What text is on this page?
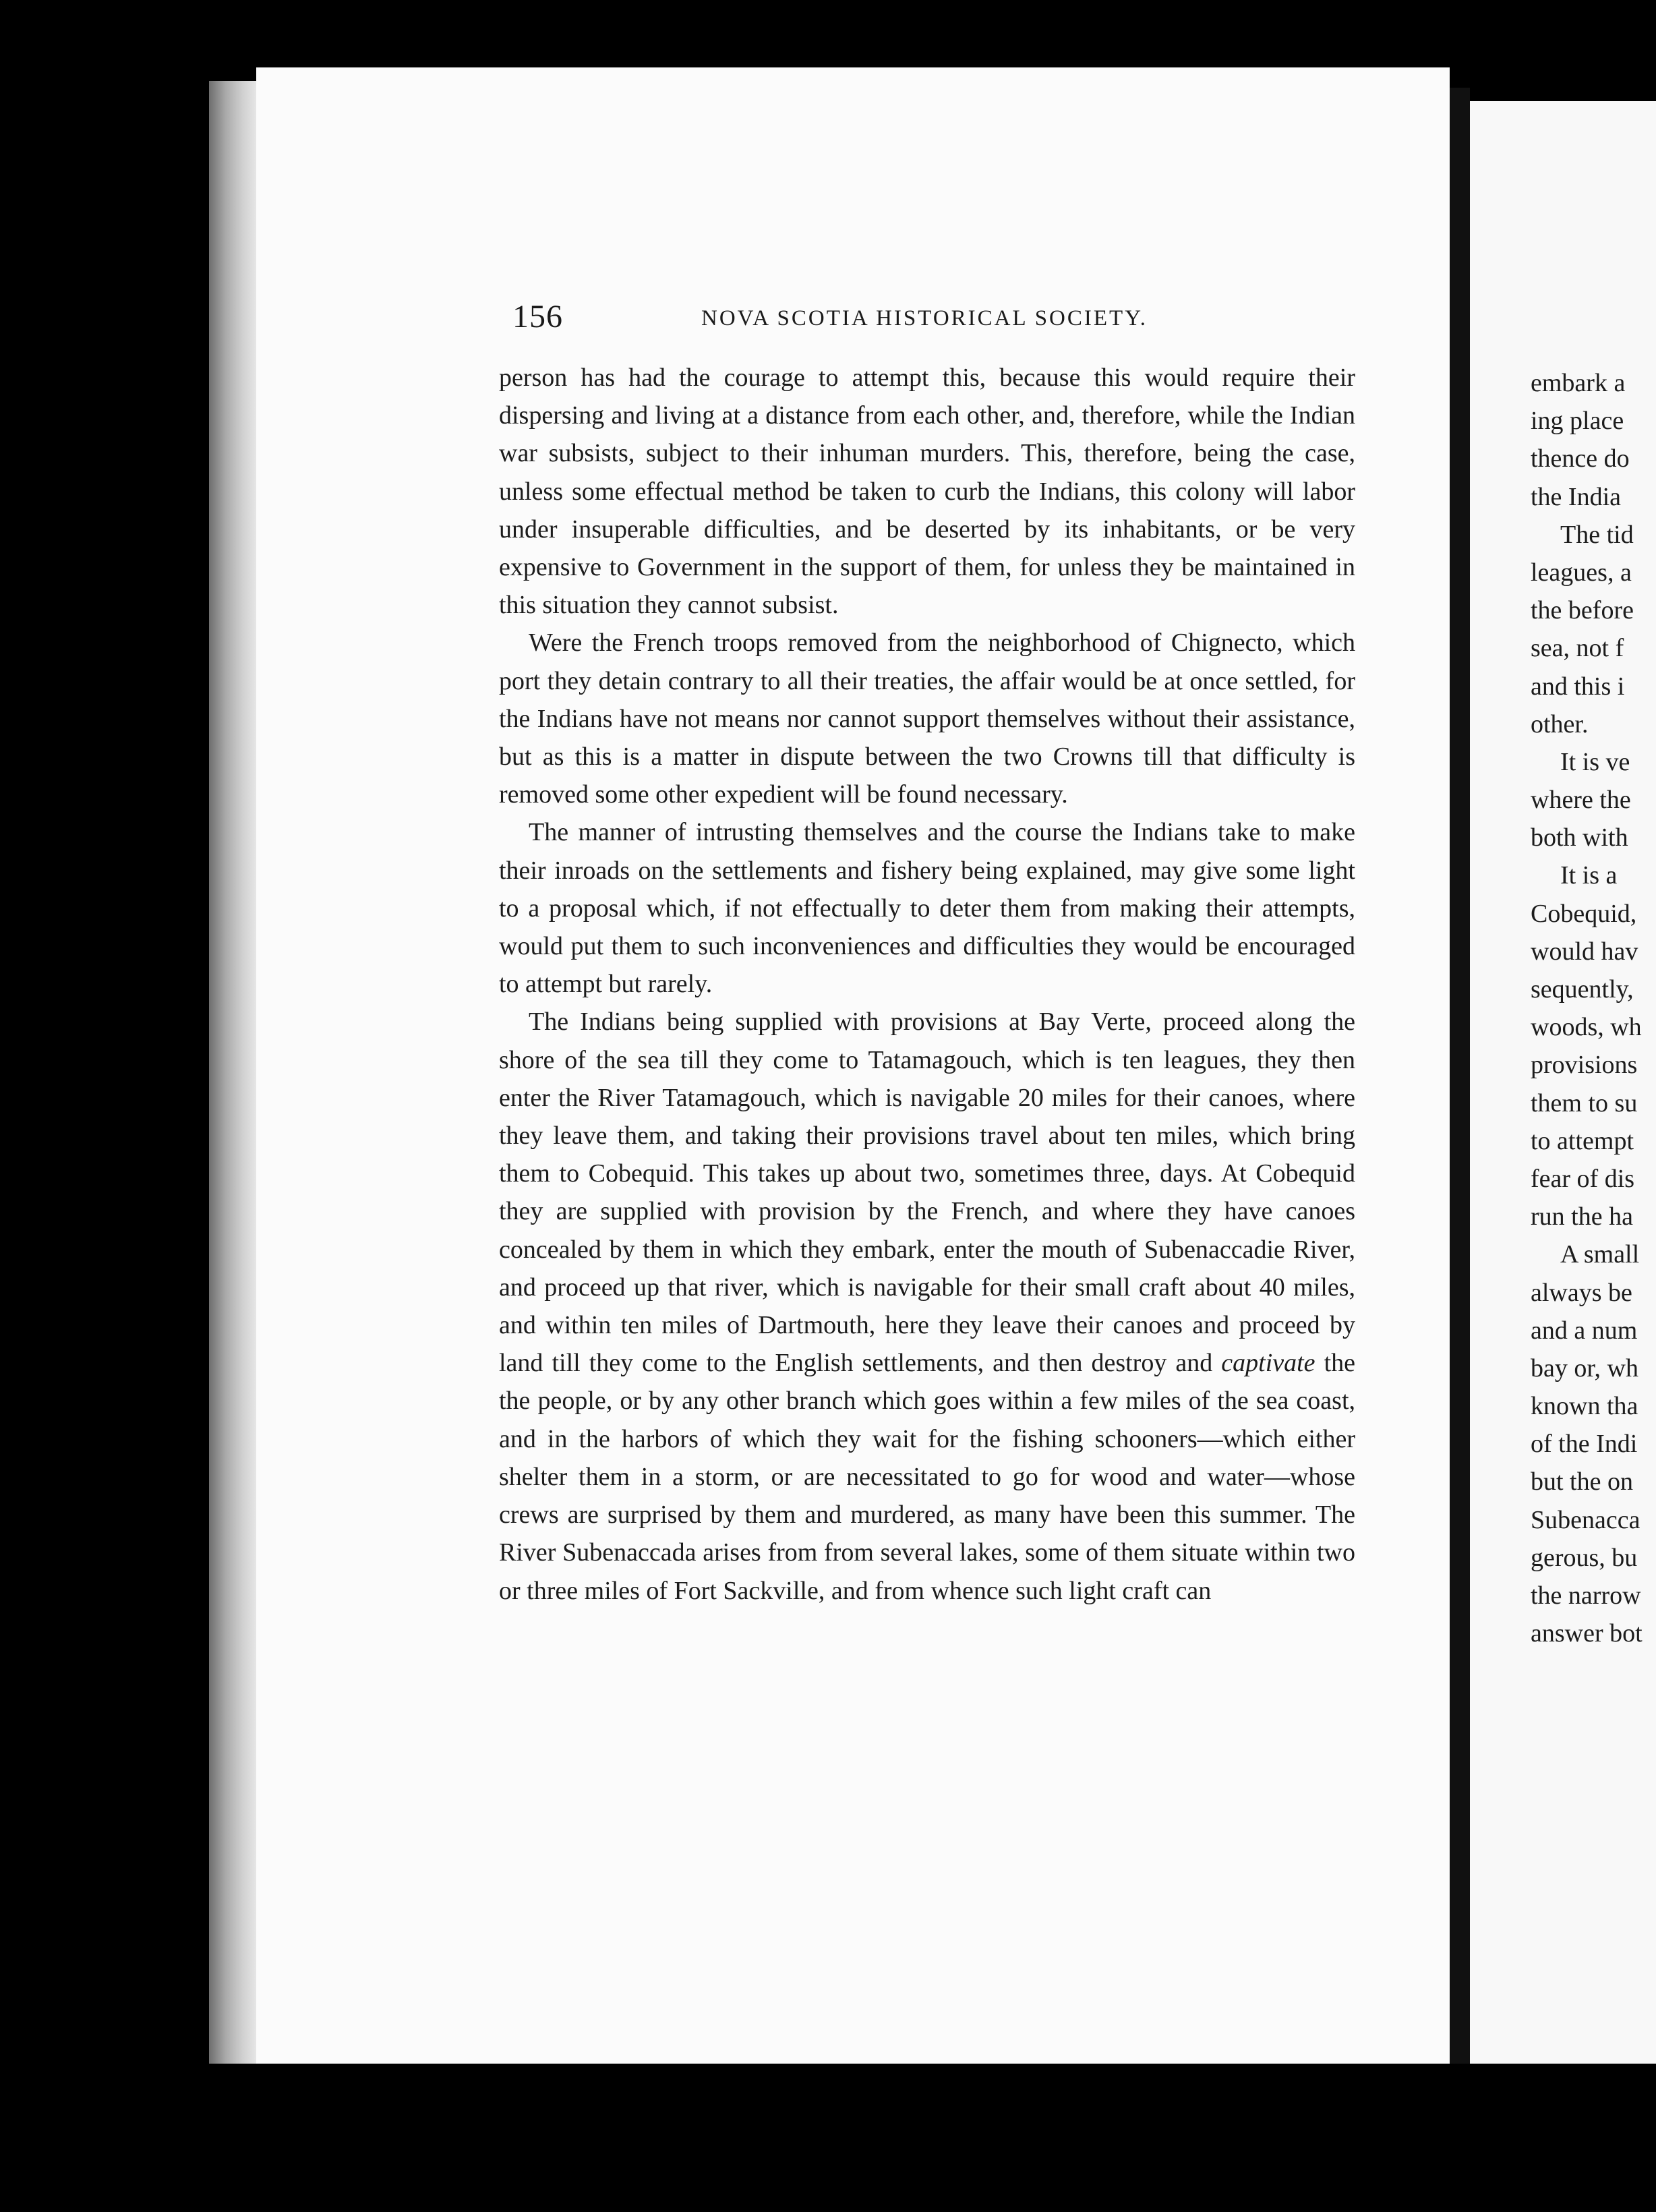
156	NOVA SCOTIA HISTORICAL SOCIETY.

person has had the courage to attempt this, because this would require their dispersing and living at a distance from each other, and, therefore, while the Indian war subsists, subject to their inhuman murders. This, therefore, being the case, unless some effectual method be taken to curb the Indians, this colony will labor under insuperable difficulties, and be deserted by its inhabitants, or be very expensive to Government in the support of them, for unless they be maintained in this situation they cannot subsist.

Were the French troops removed from the neighborhood of Chignecto, which port they detain contrary to all their treaties, the affair would be at once settled, for the Indians have not means nor cannot support themselves without their assistance, but as this is a matter in dispute between the two Crowns till that difficulty is removed some other expedient will be found necessary.

The manner of intrusting themselves and the course the Indians take to make their inroads on the settlements and fishery being explained, may give some light to a proposal which, if not effectually to deter them from making their attempts, would put them to such inconveniences and difficulties they would be encouraged to attempt but rarely.

The Indians being supplied with provisions at Bay Verte, proceed along the shore of the sea till they come to Tatamagouch, which is ten leagues, they then enter the River Tatamagouch, which is navigable 20 miles for their canoes, where they leave them, and taking their provisions travel about ten miles, which bring them to Cobequid. This takes up about two, sometimes three, days. At Cobequid they are supplied with provision by the French, and where they have canoes concealed by them in which they embark, enter the mouth of Subenaccadie River, and proceed up that river, which is navigable for their small craft about 40 miles, and within ten miles of Dartmouth, here they leave their canoes and proceed by land till they come to the English settlements, and then destroy and captivate the the people, or by any other branch which goes within a few miles of the sea coast, and in the harbors of which they wait for the fishing schooners—which either shelter them in a storm, or are necessitated to go for wood and water—whose crews are surprised by them and murdered, as many have been this summer. The River Subenaccada arises from from several lakes, some of them situate within two or three miles of Fort Sackville, and from whence such light craft can

embark a
ing place
thence do
the India
The tid
leagues, a
the before
sea, not f
and this i
other.
It is ve
where the
both with
It is a
Cobequid,
would hav
sequently,
woods, wh
provisions
them to su
to attempt
fear of dis
run the ha
A small
always be
and a num
bay or, wh
known tha
of the Indi
but the on
Subenacca
gerous, bu
the narrow
answer bot
